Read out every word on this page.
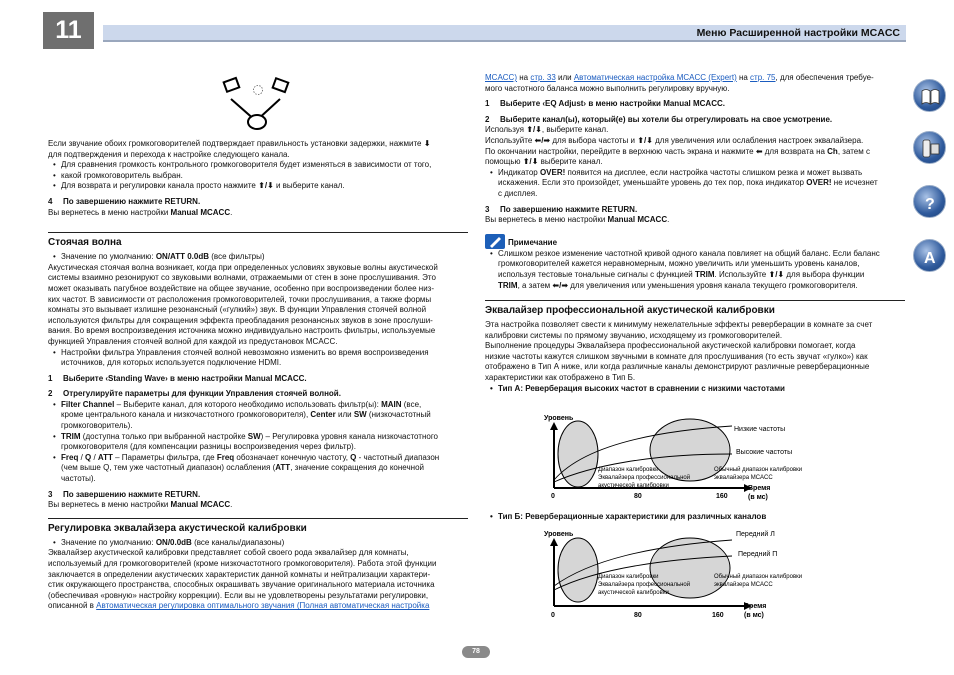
11	Меню Расширенной настройки MCACC

Если звучание обоих громкоговорителей подтверждает правильность установки задержки, нажмите ⬇

для подтверждения и перехода к настройке следующего канала.

• Для сравнения громкость контрольного громкоговорителя будет изменяться в зависимости от того,
• какой громкоговоритель выбран.
• Для возврата и регулировки канала просто нажмите ⬆/⬇ и выберите канал.
4 По завершению нажмите RETURN.

Вы вернетесь в меню настройки Manual MCACC.

Стоячая волна
• Значение по умолчанию: ON/ATT 0.0dB (все фильтры)

Акустическая стоячая волна возникает, когда при определенных условиях звуковые волны акустической

системы взаимно резонируют со звуковыми волнами, отражаемыми от стен в зоне прослушивания. Это

может оказывать пагубное воздействие на общее звучание, особенно при воспроизведении более низ-

ких частот. В зависимости от расположения громкоговорителей, точки прослушивания, а также формы

комнаты это вызывает излишне резонансный («гулкий») звук. В функции Управления стоячей волной

используются фильтры для сокращения эффекта преобладания резонансных звуков в зоне прослуши-

вания. Во время воспроизведения источника можно индивидуально настроить фильтры, используемые

функцией Управления стоячей волной для каждой из предустановок MCACC.

• Настройки фильтра Управления стоячей волной невозможно изменить во время воспроизведения
источников, для которых используется подключение HDMI.
1 Выберите ‹Standing Wave› в меню настройки Manual MCACC.
2 Отрегулируйте параметры для функции Управления стоячей волной.
• Filter Channel – Выберите канал, для которого необходимо использовать фильтр(ы): MAIN (все,
кроме центрального канала и низкочастотного громкоговорителя), Center или SW (низкочастотный
громкоговоритель).
• TRIM (доступна только при выбранной настройке SW) – Регулировка уровня канала низкочастотного
громкоговорителя (для компенсации разницы воспроизведения через фильтр).
• Freq / Q / ATT – Параметры фильтра, где Freq обозначает конечную частоту, Q - частотный диапазон
(чем выше Q, тем уже частотный диапазон) ослабления (ATT, значение сокращения до конечной
частоты).
3 По завершению нажмите RETURN.

Вы вернетесь в меню настройки Manual MCACC.

Регулировка эквалайзера акустической калибровки
• Значение по умолчанию: ON/0.0dB (все каналы/диапазоны)

Эквалайзер акустической калибровки представляет собой своего рода эквалайзер для комнаты,

используемый для громкоговорителей (кроме низкочастотного громкоговорителя). Работа этой функции

заключается в определении акустических характеристик данной комнаты и нейтрализации характери-

стик окружающего пространства, способных окрашивать звучание оригинального материала источника

(обеспечивая «ровную» настройку коррекции). Если вы не удовлетворены результатами регулировки,

описанной в Автоматическая регулировка оптимального звучания (Полная автоматическая настройка

MCACC) на стр. 33 или Автоматическая настройка MCACC (Expert) на стр. 75, для обеспечения требуе-

мого частотного баланса можно выполнить регулировку вручную.

1 Выберите ‹EQ Adjust› в меню настройки Manual MCACC.
2 Выберите канал(ы), который(е) вы хотели бы отрегулировать на свое усмотрение.

Используя ⬆/⬇, выберите канал.

Используйте ⬅/➡ для выбора частоты и ⬆/⬇ для увеличения или ослабления настроек эквалайзера.

По окончании настройки, перейдите в верхнюю часть экрана и нажмите ⬅ для возврата на Ch, затем с

помощью ⬆/⬇ выберите канал.

• Индикатор OVER! появится на дисплее, если настройка частоты слишком резка и может вызвать
искажения. Если это произойдет, уменьшайте уровень до тех пор, пока индикатор OVER! не исчезнет
с дисплея.
3 По завершению нажмите RETURN.

Вы вернетесь в меню настройки Manual MCACC.

Примечание
• Слишком резкое изменение частотной кривой одного канала повлияет на общий баланс. Если баланс
громкоговорителей кажется неравномерным, можно увеличить или уменьшить уровень каналов,
используя тестовые тональные сигналы с функцией TRIM. Используйте ⬆/⬇ для выбора функции
TRIM, а затем ⬅/➡ для увеличения или уменьшения уровня канала текущего громкоговорителя.
Эквалайзер профессиональной акустической калибровки

Эта настройка позволяет свести к минимуму нежелательные эффекты реверберации в комнате за счет

калибровки системы по прямому звучанию, исходящему из громкоговорителей.

Выполнение процедуры Эквалайзера профессиональной акустической калибровки помогает, когда

низкие частоты кажутся слишком звучными в комнате для прослушивания (то есть звучат «гулко») как

отображено в Тип А ниже, или когда различные каналы демонстрируют различные реверберационные

характеристики как отображено в Тип Б.

• Тип A: Реверберация высоких частот в сравнении с низкими частотами
Уровень
Низкие частоты
Высокие частоты
Диапазон калибровки
Эквалайзера профессиональной
акустической калибровки
Обычный диапазон калибровки
эквалайзера MCACC
0	80	160
Время
(в мс)
• Тип Б: Реверберационные характеристики для различных каналов
Уровень	Передний Л
Передний П
Диапазон калибровки
Эквалайзера профессиональной
акустической калибровки
Обычный диапазон калибровки
эквалайзера MCACC
0	80	160
Время
(в мс)
?
A
78
